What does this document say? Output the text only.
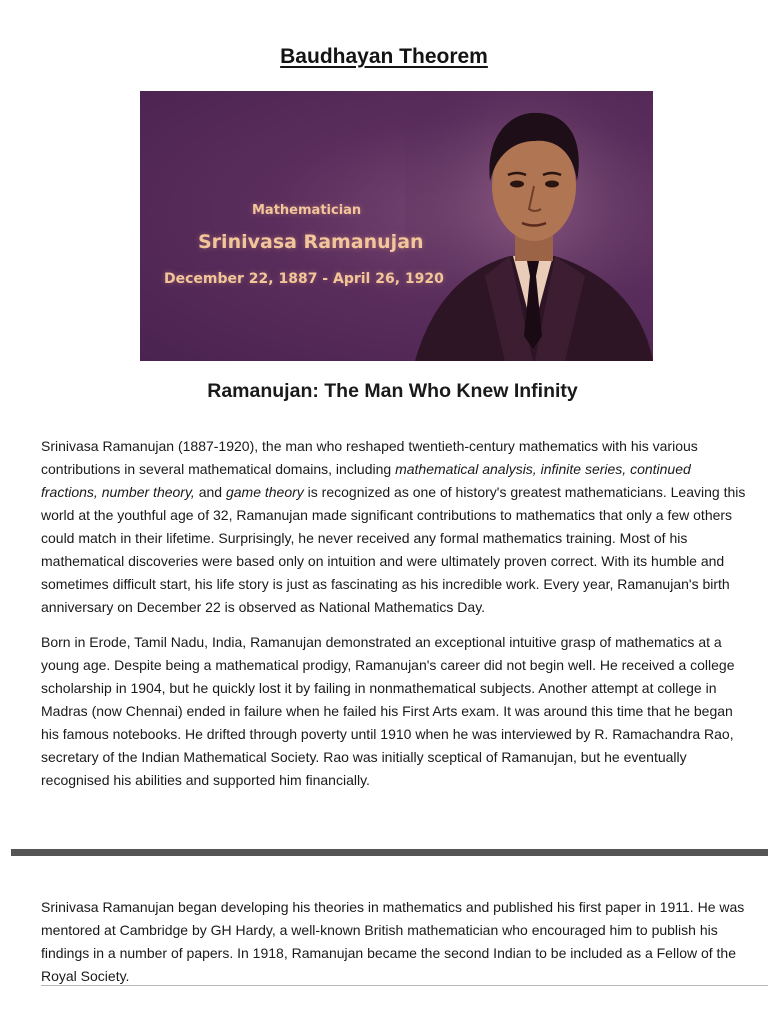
Baudhayan Theorem
Mathematician
Srinivasa Ramanujan
December 22, 1887 - April 26, 1920
Ramanujan: The Man Who Knew Infinity

Srinivasa Ramanujan (1887-1920), the man who reshaped twentieth-century mathematics with his various contributions in several mathematical domains, including mathematical analysis, infinite series, continued fractions, number theory, and game theory is recognized as one of history's greatest mathematicians. Leaving this world at the youthful age of 32, Ramanujan made significant contributions to mathematics that only a few others could match in their lifetime. Surprisingly, he never received any formal mathematics training. Most of his mathematical discoveries were based only on intuition and were ultimately proven correct. With its humble and sometimes difficult start, his life story is just as fascinating as his incredible work. Every year, Ramanujan's birth anniversary on December 22 is observed as National Mathematics Day.

Born in Erode, Tamil Nadu, India, Ramanujan demonstrated an exceptional intuitive grasp of mathematics at a young age. Despite being a mathematical prodigy, Ramanujan's career did not begin well. He received a college scholarship in 1904, but he quickly lost it by failing in nonmathematical subjects. Another attempt at college in Madras (now Chennai) ended in failure when he failed his First Arts exam. It was around this time that he began his famous notebooks. He drifted through poverty until 1910 when he was interviewed by R. Ramachandra Rao, secretary of the Indian Mathematical Society. Rao was initially sceptical of Ramanujan, but he eventually recognised his abilities and supported him financially.

Srinivasa Ramanujan began developing his theories in mathematics and published his first paper in 1911. He was mentored at Cambridge by GH Hardy, a well-known British mathematician who encouraged him to publish his findings in a number of papers. In 1918, Ramanujan became the second Indian to be included as a Fellow of the Royal Society.
